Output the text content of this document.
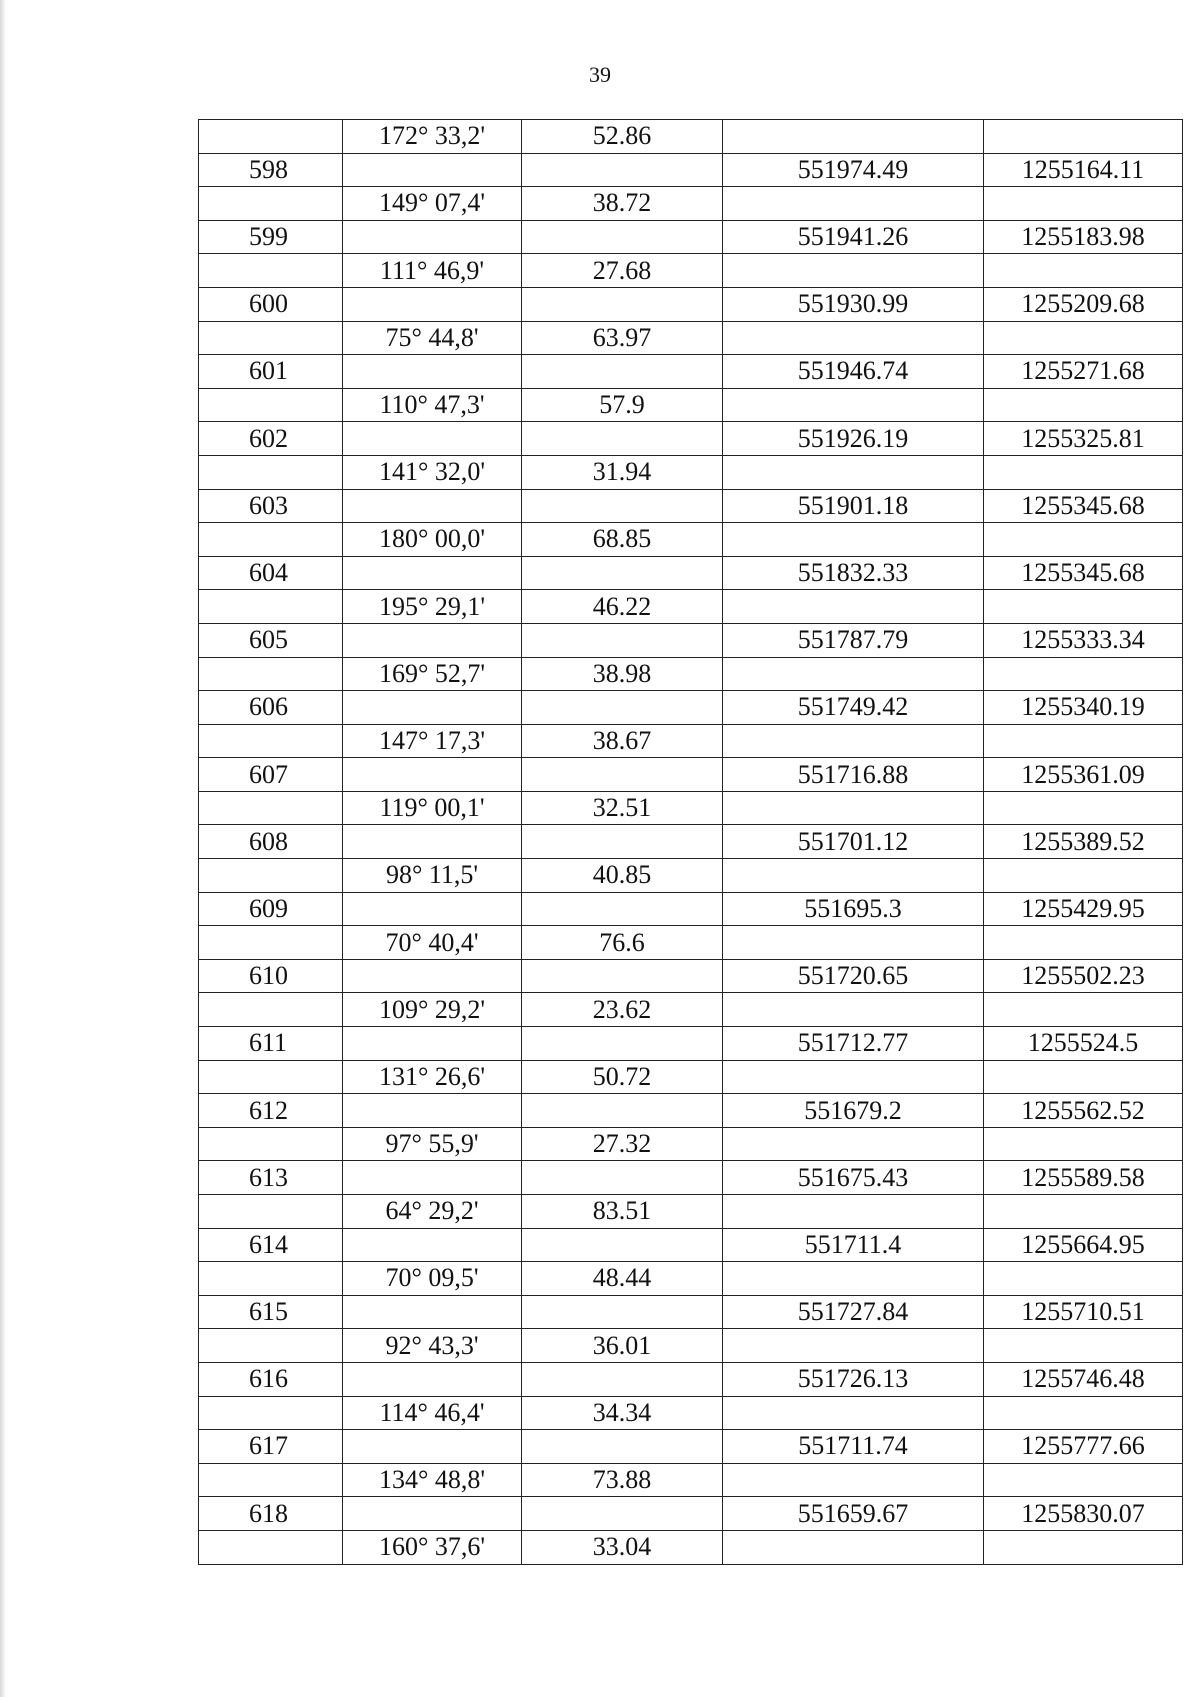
39
	172° 33,2'	52.86		
598			551974.49	1255164.11
	149° 07,4'	38.72		
599			551941.26	1255183.98
	111° 46,9'	27.68		
600			551930.99	1255209.68
	75° 44,8'	63.97		
601			551946.74	1255271.68
	110° 47,3'	57.9		
602			551926.19	1255325.81
	141° 32,0'	31.94		
603			551901.18	1255345.68
	180° 00,0'	68.85		
604			551832.33	1255345.68
	195° 29,1'	46.22		
605			551787.79	1255333.34
	169° 52,7'	38.98		
606			551749.42	1255340.19
	147° 17,3'	38.67		
607			551716.88	1255361.09
	119° 00,1'	32.51		
608			551701.12	1255389.52
	98° 11,5'	40.85		
609			551695.3	1255429.95
	70° 40,4'	76.6		
610			551720.65	1255502.23
	109° 29,2'	23.62		
611			551712.77	1255524.5
	131° 26,6'	50.72		
612			551679.2	1255562.52
	97° 55,9'	27.32		
613			551675.43	1255589.58
	64° 29,2'	83.51		
614			551711.4	1255664.95
	70° 09,5'	48.44		
615			551727.84	1255710.51
	92° 43,3'	36.01		
616			551726.13	1255746.48
	114° 46,4'	34.34		
617			551711.74	1255777.66
	134° 48,8'	73.88		
618			551659.67	1255830.07
	160° 37,6'	33.04		
